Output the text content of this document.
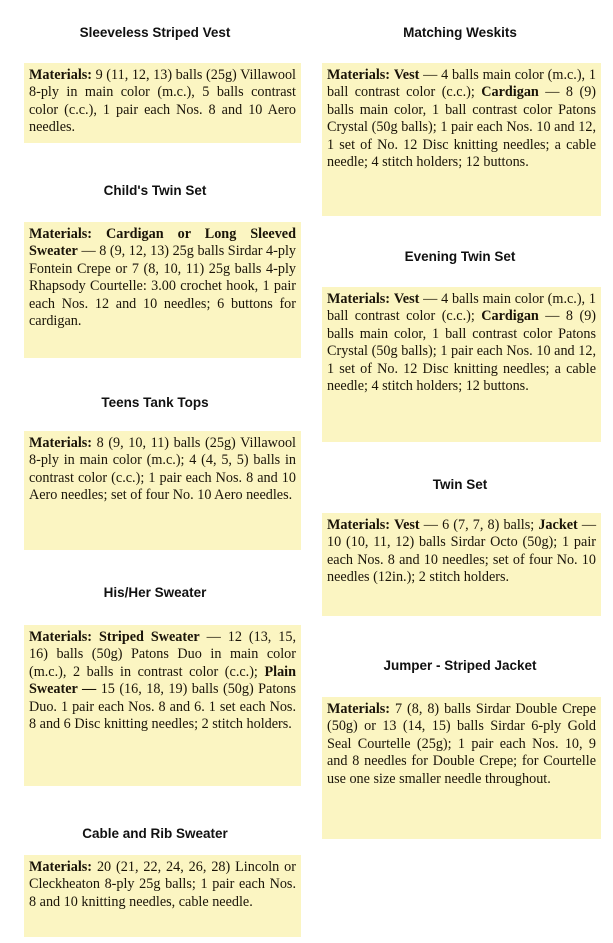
Sleeveless Striped Vest
Materials: 9 (11, 12, 13) balls (25g) Villawool 8-ply in main color (m.c.), 5 balls contrast color (c.c.), 1 pair each Nos. 8 and 10 Aero needles.
Child's Twin Set
Materials: Cardigan or Long Sleeved Sweater — 8 (9, 12, 13) 25g balls Sirdar 4-ply Fontein Crepe or 7 (8, 10, 11) 25g balls 4-ply Rhapsody Courtelle: 3.00 crochet hook, 1 pair each Nos. 12 and 10 needles; 6 buttons for cardigan.
Teens Tank Tops
Materials: 8 (9, 10, 11) balls (25g) Villawool 8-ply in main color (m.c.); 4 (4, 5, 5) balls in contrast color (c.c.); 1 pair each Nos. 8 and 10 Aero needles; set of four No. 10 Aero needles.
His/Her Sweater
Materials: Striped Sweater — 12 (13, 15, 16) balls (50g) Patons Duo in main color (m.c.), 2 balls in contrast color (c.c.); Plain Sweater — 15 (16, 18, 19) balls (50g) Patons Duo. 1 pair each Nos. 8 and 6. 1 set each Nos. 8 and 6 Disc knitting needles; 2 stitch holders.
Cable and Rib Sweater
Materials: 20 (21, 22, 24, 26, 28) Lincoln or Cleckheaton 8-ply 25g balls; 1 pair each Nos. 8 and 10 knitting needles, cable needle.
Matching Weskits
Materials: Vest — 4 balls main color (m.c.), 1 ball contrast color (c.c.); Cardigan — 8 (9) balls main color, 1 ball contrast color Patons Crystal (50g balls); 1 pair each Nos. 10 and 12, 1 set of No. 12 Disc knitting needles; a cable needle; 4 stitch holders; 12 buttons.
Evening Twin Set
Materials: Vest — 4 balls main color (m.c.), 1 ball contrast color (c.c.); Cardigan — 8 (9) balls main color, 1 ball contrast color Patons Crystal (50g balls); 1 pair each Nos. 10 and 12, 1 set of No. 12 Disc knitting needles; a cable needle; 4 stitch holders; 12 buttons.
Twin Set
Materials: Vest — 6 (7, 7, 8) balls; Jacket — 10 (10, 11, 12) balls Sirdar Octo (50g); 1 pair each Nos. 8 and 10 needles; set of four No. 10 needles (12in.); 2 stitch holders.
Jumper - Striped Jacket
Materials: 7 (8, 8) balls Sirdar Double Crepe (50g) or 13 (14, 15) balls Sirdar 6-ply Gold Seal Courtelle (25g); 1 pair each Nos. 10, 9 and 8 needles for Double Crepe; for Courtelle use one size smaller needle throughout.
